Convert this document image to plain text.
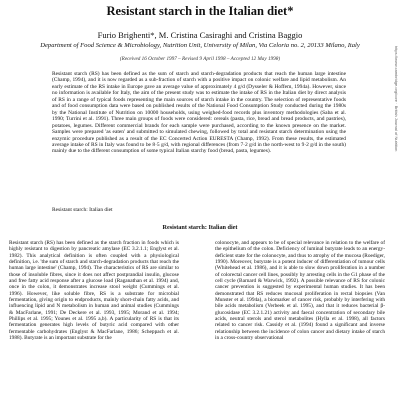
https://www.cambridge.org/core · British Journal of Nutrition
Resistant starch in the Italian diet*
Furio Brighenti*, M. Cristina Casiraghi and Cristina Baggio
Department of Food Science & Microbiology, Nutrition Unit, University of Milan, Via Celoria no. 2, 20133 Milano, Italy
(Received 16 October 1997 – Revised 9 April 1998 – Accepted 12 May 1998)

Resistant starch (RS) has been defined as the sum of starch and starch-degradation products that reach the human large intestine (Champ, 1994), and it is now regarded as a sub-fraction of starch with a positive impact on colonic welfare and lipid metabolism. An early estimate of the RS intake in Europe gave an average value of approximately 4 g/d (Dysseler & Hoffem, 1994a). However, since no information is available for Italy, the aim of the present study was to estimate the intake of RS in the Italian diet by direct analysis of RS in a range of typical foods representing the main sources of starch intake in the country. The selection of representative foods and of food consumption data were based on published results of the National Food Consumption Study conducted during the 1980s by the National Institute of Nutrition on 10000 households, using weighed-food records plus inventory methodologies (Saba et al. 1990; Turrini et al. 1991). Three main groups of foods were considered: cereals (pasta, rice, bread and bread products, and pastries), potatoes, legumes. Different commercial brands for each sample were purchased, according to the known presence on the market. Samples were prepared 'as eaten' and submitted to simulated chewing, followed by total and resistant starch determination using the enzymic procedure published as a result of the EC Concerted Action EURESTA (Champ, 1992). From these results, the estimated average intake of RS in Italy was found to be 8·5 g/d, with regional differences (from 7·2 g/d in the north-west to 9·2 g/d in the south) mainly due to the different consumption of some typical Italian starchy food (bread, pasta, legumes).

Resistant starch: Italian diet

Resistant starch: Italian diet

Resistant starch (RS) has been defined as the starch fraction in foods which is highly resistant to digestion by pancreatic amylase (EC 3.2.1.1; Englyst et al. 1982). This analytical definition is often coupled with a physiological definition, i.e. 'the sum of starch and starch-degradation products that reach the human large intestine' (Champ, 1994). The characteristics of RS are similar to those of insoluble fibres, since it does not affect postprandial insulin, glucose and free fatty acid response after a glucose load (Raganathan et al. 1994) and, once in the colon, it demonstrates increase stool weight (Cummings et al. 1996). However, like soluble fibre, RS is a substrate for microbial fermentation, giving origin to endproducts, mainly short-chain fatty acids, and influencing lipid and N metabolism in human and animal studies (Cummings & MacFarlane, 1991; De Deckere et al. 1993, 1995; Morand et al. 1994; Phillips et al. 1995; Younes et al. 1995 a,b). A particularity of RS is that its fermentation generates high levels of butyric acid compared with other fermentable carbohydrates (Englyst & MacFarlane, 1986; Scheppach et al. 1988). Butyrate is an important substrate for the

colonocyte, and appears to be of special relevance in relation to the welfare of the epithelium of the colon. Deficiency of luminal butyrate leads to an energy-deficient state for the colonocyte, and thus to atrophy of the mucosa (Roediger, 1990). Moreover, butyrate is a potent inducer of differentiation of tumour cells (Whitehead et al. 1986), and it is able to slow down proliferation in a number of colorectal cancer cell lines, possibly by arresting cells in the G1 phase of the cell cycle (Barnard & Warwick, 1992). A possible relevance of RS for colonic cancer prevention is suggested by experimental human studies. It has been demonstrated that RS reduces mucosal proliferation in rectal biopsies (Van Munster et al. 1994a), a biomarker of cancer risk, probably by interfering with bile acids metabolism (Verbeek et al. 1995), and that it reduces bacterial β-glucosidase (EC 3.2.1.21) activity and faecal concentration of secondary bile acids, neutral sterols and sterol metabolites (Hylla et al. 1998), all factors related to cancer risk. Cassidy et al. (1994) found a significant and inverse relationship between the incidence of colon cancer and dietary intake of starch in a cross-country observational
